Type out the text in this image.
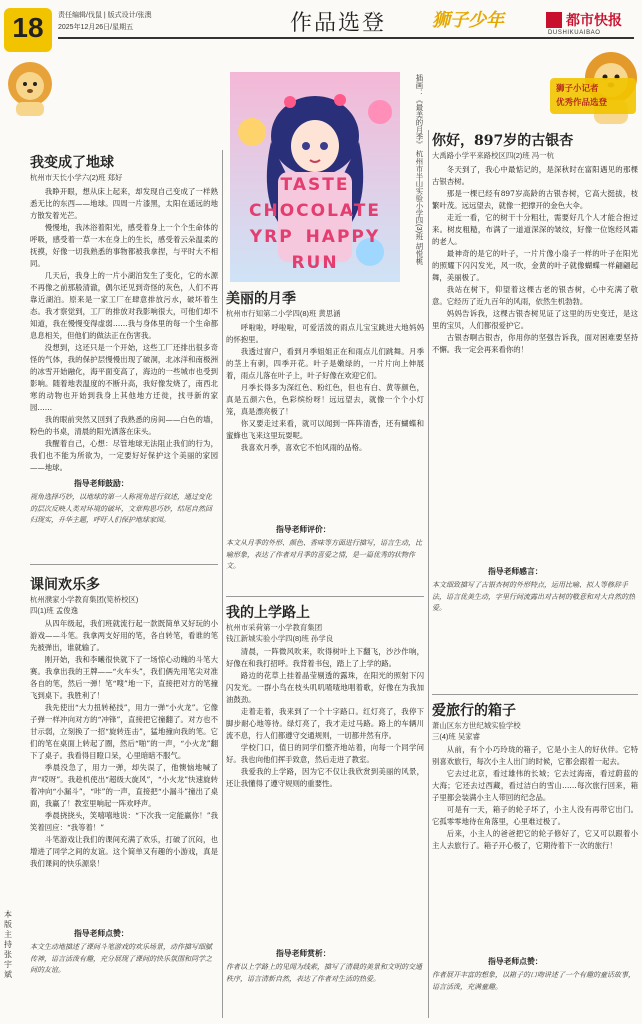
18	责任编辑/伐鼠 | 版式设计/张澳
2025年12月26日/星期五	作品选登	狮子少年	都市快报
DUSHIKUAIBAO
狮子小记者
优秀作品选登
本版主持 张宇斌
我变成了地球
杭州市天长小学六(2)班 郑好

我睁开眼，想从床上起来，却发现自己变成了一样熟悉无比的东西——地球。四周一片漆黑，太阳在遥远的地方散发着光芒。

慢慢地，我沐浴着阳光，感受着身上一个个生命体的呼吸，感受着一草一木在身上的生长，感受着云朵温柔的抚摸，好像一切我熟悉的事物都被我拿捏，与平时大不相同。

几天后，我身上的一片小湖泊发生了变化，它的水源不再像之前那般清澈，偶尔还见到奇怪的灰色，人们不再靠近湖泊。原来是一家工厂在肆意排放污水，破坏着生态。我才察觉到，工厂的排放对我影响很大，可他们却不知道，我在慢慢变得虚弱……我与身体里的每一个生命都息息相关，但他们的做法正在伤害我。

没想到，这还只是一个开始，这些工厂还排出很多奇怪的气体，我的保护层慢慢出现了破洞，北冰洋和南极洲的冰雪开始融化，海平面变高了，海边的一些城市也受到影响。随着地表温度的不断升高，我好像发烧了，南西北寒的动物也开始到我身上其他地方迁徙，找寻新的家园……

我的眼前突然又回到了我熟悉的房间——白色的墙，粉色的书桌，清晨的阳光洒落在床头。

我醒着自己，心想：尽管地球无法阻止我们的行为，我们也不能为所欲为，一定要好好保护这个美丽的家园——地球。

指导老师鼓励：
视角选择巧妙，以地球的第一人称视角进行叙述，通过变化的层次反映人类对环境的破坏，文章构思巧妙，结尾自然回归现实，升华主题，呼吁人们保护地球家园。
课间欢乐多
杭州濮家小学教育集团(笕桥校区)
四(1)班 孟俊逸

从四年级起，我们班就流行起一款既简单又好玩的小游戏——斗笔。我拿两支好用的笔，各自转笔，看谁的笔先被弹出，谁就输了。

刚开始，我和李曦很快就下了一场惊心动魄的斗笔大赛。我拿出我的王牌——“火车头”，我们俩先用笔尖对准各自的笔，然后一弹！笔“嗖”地一下，直接把对方的笔撞飞到桌下。我胜利了！

我先使出“大力扭转秘技”，用力一弹“小火龙”。它像子弹一样冲向对方的“冲锋”，直接把它撞翻了。对方也不甘示弱，立刻换了一招“旋转连击”，猛地撞向我的笔。它们的笔在桌面上转起了圈，然后“啪”的一声，“小火龙”翻下了桌子。我看得目瞪口呆，心里暗暗不服气。

季晨没急了，用力一弹，却失误了，他懊恼地喊了声“哎呀”。我趁机使出“超级大旋风”，“小火龙”快速旋转着冲向“小漏斗”，“咔”的一声，直接把“小漏斗”撞出了桌面，我赢了！教室里响起一阵欢呼声。

季晨挠挠头，笑嘻嘻地说：“下次我一定能赢你！”我笑着回应：“我等着！”

斗笔游戏让我们的课间充满了欢乐，打破了沉闷，也增进了同学之间的友谊。这个简单又有趣的小游戏，真是我们课间的快乐源泉！

指导老师点赞：
本文生动地描述了课间斗笔游戏的欢乐场景，动作描写细腻传神，语言活泼有趣，充分展现了课间的快乐氛围和同学之间的友谊。
TASTE CHOCOLATE YRP HAPPY RUN	插画：《最美的月季》 杭州市半山实验小学四(3)班 胡悦桃
美丽的月季
杭州市行知第二小学四(8)班 黄思涵

呼啦啦，呼啦啦，可爱活泼的雨点儿宝宝跳进大地妈妈的怀抱里。

我透过窗户，看到月季姐姐正在和雨点儿们跳舞。月季的茎上有刺，四季开花。叶子是嫩绿的，一片片向上伸展着，雨点儿落在叶子上，叶子好像在欢迎它们。

月季长得多为深红色、粉红色，但也有白、黄等颜色，真是五颜六色，色彩缤纷呀！远远望去，就像一个个小灯笼，真是漂亮极了！

你又要走过来看，就可以闻到一阵阵清香，还有蝴蝶和蜜蜂也飞来这里玩耍呢。

我喜欢月季，喜欢它不怕风雨的品格。

指导老师评价：
本文从月季的外形、颜色、香味等方面进行描写，语言生动，比喻形象，表达了作者对月季的喜爱之情，是一篇优秀的状物作文。
我的上学路上
杭州市采荷第一小学教育集团
钱江新城实验小学四(8)班 孙学良

清晨，一阵微风吹来，吹得树叶上下翻飞，沙沙作响，好像在和我打招呼。我背着书包，踏上了上学的路。

路边的花草上挂着晶莹剔透的露珠，在阳光的照射下闪闪发光。一群小鸟在枝头叽叽喳喳地唱着歌，好像在为我加油鼓劲。

走着走着，我来到了一个十字路口。红灯亮了，我停下脚步耐心地等待。绿灯亮了，我才走过马路。路上的车辆川流不息，行人们都遵守交通规则，一切都井然有序。

学校门口，值日的同学们整齐地站着，向每一个同学问好。我也向他们挥手致意，然后走进了教室。

我爱我的上学路，因为它不仅让我欣赏到美丽的风景，还让我懂得了遵守规则的重要性。

指导老师赏析：
作者以上学路上的见闻为线索，描写了清晨的美景和文明的交通秩序，语言清新自然，表达了作者对生活的热爱。
你好，897岁的古银杏
大禹路小学平来路校区四(2)班 冯一杭

冬天到了，我心中最惦记的，是深秋时在富阳遇见的那棵古银杏树。

那是一棵已经有897岁高龄的古银杏树，它高大挺拔，枝繁叶茂。远远望去，就像一把撑开的金色大伞。

走近一看，它的树干十分粗壮，需要好几个人才能合抱过来。树皮粗糙，布满了一道道深深的皱纹，好像一位饱经风霜的老人。

最神奇的是它的叶子，一片片像小扇子一样的叶子在阳光的照耀下闪闪发光，风一吹，金黄的叶子就像蝴蝶一样翩翩起舞，美丽极了。

我站在树下，仰望着这棵古老的银杏树，心中充满了敬意。它经历了近九百年的风雨，依然生机勃勃。

妈妈告诉我，这棵古银杏树见证了这里的历史变迁，是这里的宝贝，人们都很爱护它。

古银杏啊古银杏，你用你的坚强告诉我，面对困难要坚持不懈。我一定会再来看你的！

指导老师感言：
本文细致描写了古银杏树的外形特点，运用比喻、拟人等修辞手法，语言优美生动，字里行间流露出对古树的敬意和对大自然的热爱。
爱旅行的箱子
萧山区东方世纪城实验学校
三(4)班 吴家睿

从前，有个小巧玲珑的箱子，它是小主人的好伙伴。它特别喜欢旅行，每次小主人出门的时候，它都会跟着一起去。

它去过北京，看过雄伟的长城；它去过海南，看过蔚蓝的大海；它还去过西藏，看过洁白的雪山……每次旅行回来，箱子里都会装满小主人带回的纪念品。

可是有一天，箱子的轮子坏了，小主人没有再带它出门。它孤零零地待在角落里，心里难过极了。

后来，小主人的爸爸把它的轮子修好了，它又可以跟着小主人去旅行了。箱子开心极了，它期待着下一次的旅行！

指导老师点赞：
作者展开丰富的想象，以箱子的口吻讲述了一个有趣的童话故事，语言活泼，充满童趣。
